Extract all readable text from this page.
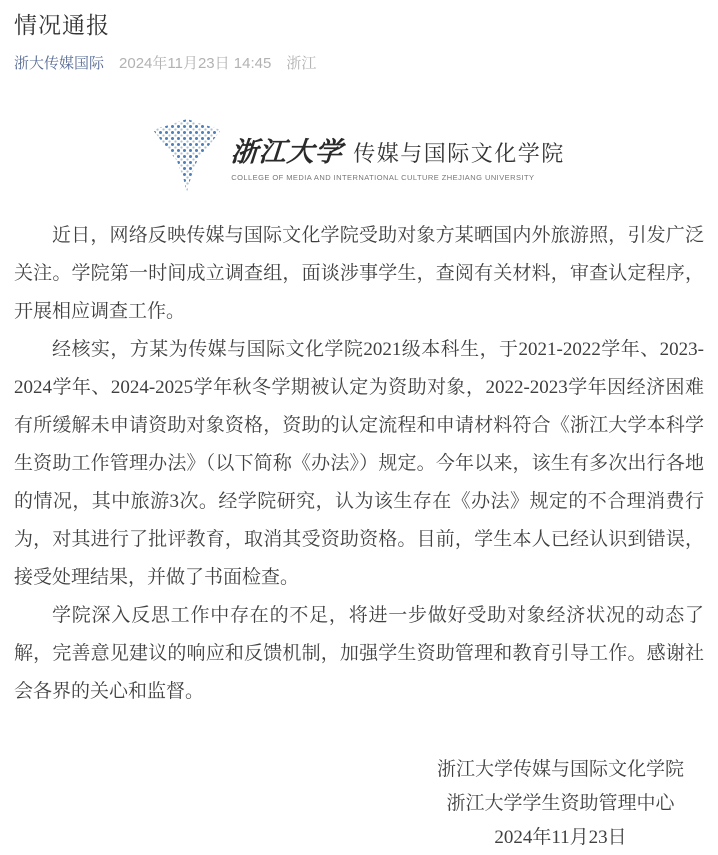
情况通报
浙大传媒国际 2024年11月23日 14:45 浙江
浙江大学 传媒与国际文化学院
COLLEGE OF MEDIA AND INTERNATIONAL CULTURE ZHEJIANG UNIVERSITY

近日，网络反映传媒与国际文化学院受助对象方某晒国内外旅游照，引发广泛关注。学院第一时间成立调查组，面谈涉事学生，查阅有关材料，审查认定程序，开展相应调查工作。

经核实，方某为传媒与国际文化学院2021级本科生，于2021-2022学年、2023-2024学年、2024-2025学年秋冬学期被认定为资助对象，2022-2023学年因经济困难有所缓解未申请资助对象资格，资助的认定流程和申请材料符合《浙江大学本科学生资助工作管理办法》（以下简称《办法》）规定。今年以来，该生有多次出行各地的情况，其中旅游3次。经学院研究，认为该生存在《办法》规定的不合理消费行为，对其进行了批评教育，取消其受资助资格。目前，学生本人已经认识到错误，接受处理结果，并做了书面检查。

学院深入反思工作中存在的不足，将进一步做好受助对象经济状况的动态了解，完善意见建议的响应和反馈机制，加强学生资助管理和教育引导工作。感谢社会各界的关心和监督。

浙江大学传媒与国际文化学院
浙江大学学生资助管理中心
2024年11月23日
